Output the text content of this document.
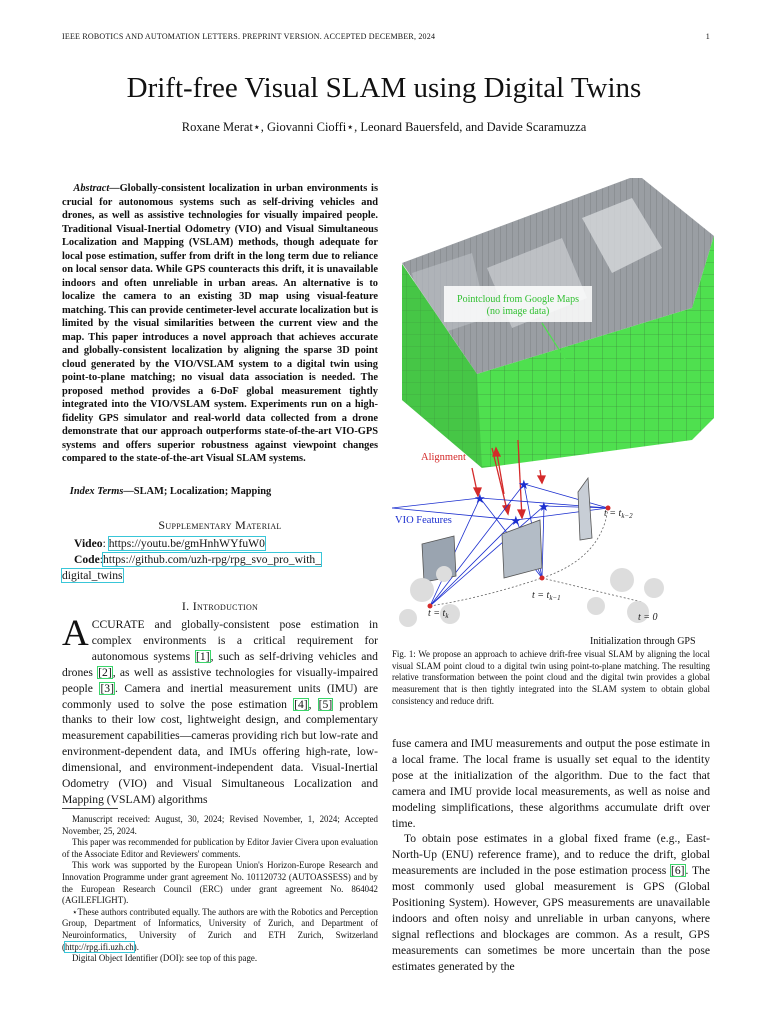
IEEE ROBOTICS AND AUTOMATION LETTERS. PREPRINT VERSION. ACCEPTED DECEMBER, 2024	1
Drift-free Visual SLAM using Digital Twins
Roxane Merat⋆, Giovanni Cioffi⋆, Leonard Bauersfeld, and Davide Scaramuzza
Abstract—Globally-consistent localization in urban environments is crucial for autonomous systems such as self-driving vehicles and drones, as well as assistive technologies for visually impaired people. Traditional Visual-Inertial Odometry (VIO) and Visual Simultaneous Localization and Mapping (VSLAM) methods, though adequate for local pose estimation, suffer from drift in the long term due to reliance on local sensor data. While GPS counteracts this drift, it is unavailable indoors and often unreliable in urban areas. An alternative is to localize the camera to an existing 3D map using visual-feature matching. This can provide centimeter-level accurate localization but is limited by the visual similarities between the current view and the map. This paper introduces a novel approach that achieves accurate and globally-consistent localization by aligning the sparse 3D point cloud generated by the VIO/VSLAM system to a digital twin using point-to-plane matching; no visual data association is needed. The proposed method provides a 6-DoF global measurement tightly integrated into the VIO/VSLAM system. Experiments run on a high-fidelity GPS simulator and real-world data collected from a drone demonstrate that our approach outperforms state-of-the-art VIO-GPS systems and offers superior robustness against viewpoint changes compared to the state-of-the-art Visual SLAM systems.
Index Terms—SLAM; Localization; Mapping
Supplementary Material
Video: https://youtu.be/gmHnhWYfuW0
Code:https://github.com/uzh-rpg/rpg_svo_pro_with_
digital_twins
I. Introduction
ACCURATE and globally-consistent pose estimation in complex environments is a critical requirement for autonomous systems [1], such as self-driving vehicles and drones [2], as well as assistive technologies for visually-impaired people [3]. Camera and inertial measurement units (IMU) are commonly used to solve the pose estimation [4], [5] problem thanks to their low cost, lightweight design, and complementary measurement capabilities—cameras providing rich but low-rate and environment-dependent data, and IMUs offering high-rate, low-dimensional, and environment-independent data. Visual-Inertial Odometry (VIO) and Visual Simultaneous Localization and Mapping (VSLAM) algorithms

Manuscript received: August, 30, 2024; Revised November, 1, 2024; Accepted November, 25, 2024.

This paper was recommended for publication by Editor Javier Civera upon evaluation of the Associate Editor and Reviewers' comments.

This work was supported by the European Union's Horizon-Europe Research and Innovation Programme under grant agreement No. 101120732 (AUTOASSESS) and by the European Research Council (ERC) under grant agreement No. 864042 (AGILEFLIGHT).

⋆These authors contributed equally. The authors are with the Robotics and Perception Group, Department of Informatics, University of Zurich, and Department of Neuroinformatics, University of Zurich and ETH Zurich, Switzerland (http://rpg.ifi.uzh.ch).

Digital Object Identifier (DOI): see top of this page.

Pointcloud from Google Maps
(no image data)
Alignment
★
★
★
★
VIO Features
$t = t_{k-2}$
$t = t_{k-1}$
$t = t_k$	t = 0
Initialization through GPS
Fig. 1: We propose an approach to achieve drift-free visual SLAM by aligning the local visual SLAM point cloud to a digital twin using point-to-plane matching. The resulting relative transformation between the point cloud and the digital twin provides a global measurement that is then tightly integrated into the SLAM system to obtain global consistency and reduce drift.

fuse camera and IMU measurements and output the pose estimate in a local frame. The local frame is usually set equal to the identity pose at the initialization of the algorithm. Due to the fact that camera and IMU provide local measurements, as well as noise and modeling simplifications, these algorithms accumulate drift over time.

To obtain pose estimates in a global fixed frame (e.g., East-North-Up (ENU) reference frame), and to reduce the drift, global measurements are included in the pose estimation process [6]. The most commonly used global measurement is GPS (Global Positioning System). However, GPS measurements are unavailable indoors and often noisy and unreliable in urban canyons, where signal reflections and blockages are common. As a result, GPS measurements can sometimes be more uncertain than the pose estimates generated by the
